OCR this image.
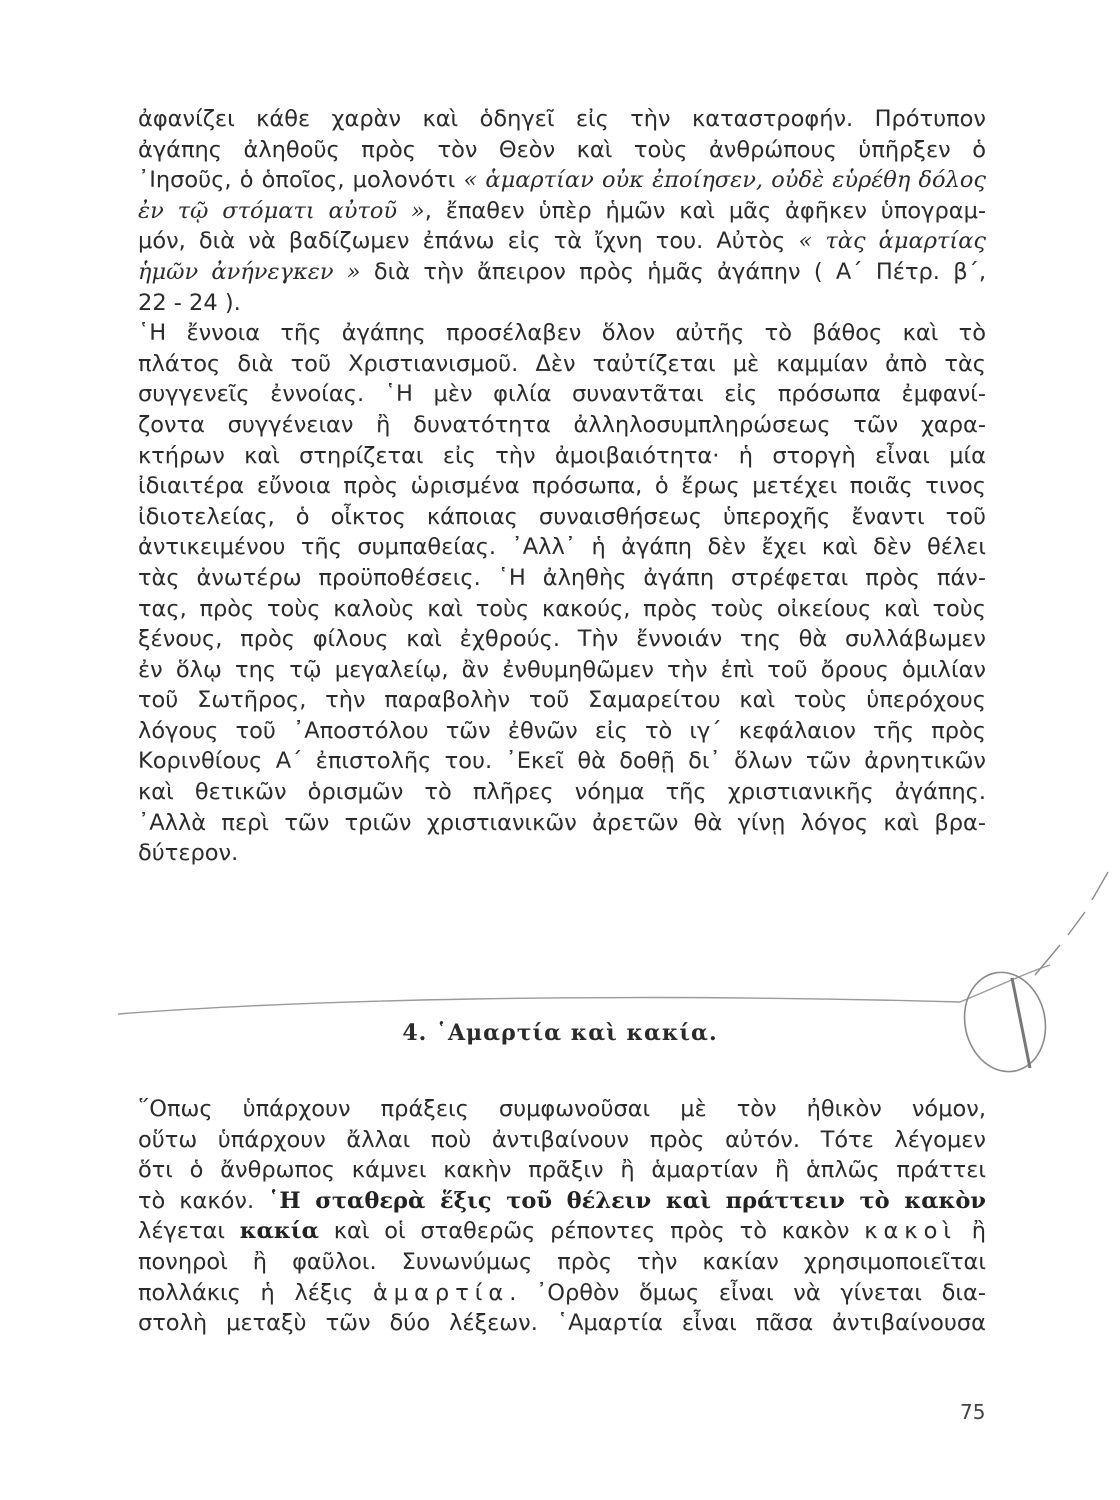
ἀφανίζει κάθε χαρὰν καὶ ὁδηγεῖ εἰς τὴν καταστροφήν. Πρότυπον
ἀγάπης ἀληθοῦς πρὸς τὸν Θεὸν καὶ τοὺς ἀνθρώπους ὑπῆρξεν ὁ
᾿Ιησοῦς, ὁ ὁποῖος, μολονότι « ἁμαρτίαν οὐκ ἐποίησεν, οὐδὲ εὑρέθη δόλος
ἐν τῷ στόματι αὐτοῦ », ἔπαθεν ὑπὲρ ἡμῶν καὶ μᾶς ἀφῆκεν ὑπογραμ-
μόν, διὰ νὰ βαδίζωμεν ἐπάνω εἰς τὰ ἴχνη του. Αὐτὸς « τὰς ἁμαρτίας
ἡμῶν ἀνήνεγκεν » διὰ τὴν ἄπειρον πρὸς ἡμᾶς ἀγάπην ( Α΄ Πέτρ. β΄,
22 - 24 ).
῾Η ἔννοια τῆς ἀγάπης προσέλαβεν ὅλον αὐτῆς τὸ βάθος καὶ τὸ
πλάτος διὰ τοῦ Χριστιανισμοῦ. Δὲν ταὐτίζεται μὲ καμμίαν ἀπὸ τὰς
συγγενεῖς ἐννοίας. ῾Η μὲν φιλία συναντᾶται εἰς πρόσωπα ἐμφανί-
ζοντα συγγένειαν ἢ δυνατότητα ἀλληλοσυμπληρώσεως τῶν χαρα-
κτήρων καὶ στηρίζεται εἰς τὴν ἀμοιβαιότητα· ἡ στοργὴ εἶναι μία
ἰδιαιτέρα εὔνοια πρὸς ὡρισμένα πρόσωπα, ὁ ἔρως μετέχει ποιᾶς τινος
ἰδιοτελείας, ὁ οἶκτος κάποιας συναισθήσεως ὑπεροχῆς ἔναντι τοῦ
ἀντικειμένου τῆς συμπαθείας. ᾿Αλλ᾿ ἡ ἀγάπη δὲν ἔχει καὶ δὲν θέλει
τὰς ἀνωτέρω προϋποθέσεις. ῾Η ἀληθὴς ἀγάπη στρέφεται πρὸς πάν-
τας, πρὸς τοὺς καλοὺς καὶ τοὺς κακούς, πρὸς τοὺς οἰκείους καὶ τοὺς
ξένους, πρὸς φίλους καὶ ἐχθρούς. Τὴν ἔννοιάν της θὰ συλλάβωμεν
ἐν ὅλῳ της τῷ μεγαλείῳ, ἂν ἐνθυμηθῶμεν τὴν ἐπὶ τοῦ ὄρους ὁμιλίαν
τοῦ Σωτῆρος, τὴν παραβολὴν τοῦ Σαμαρείτου καὶ τοὺς ὑπερόχους
λόγους τοῦ ᾿Αποστόλου τῶν ἐθνῶν εἰς τὸ ιγ΄ κεφάλαιον τῆς πρὸς
Κορινθίους Α΄ ἐπιστολῆς του. ᾿Εκεῖ θὰ δοθῇ δι᾿ ὅλων τῶν ἀρνητικῶν
καὶ θετικῶν ὁρισμῶν τὸ πλῆρες νόημα τῆς χριστιανικῆς ἀγάπης.
᾿Αλλὰ περὶ τῶν τριῶν χριστιανικῶν ἀρετῶν θὰ γίνῃ λόγος καὶ βρα-
δύτερον.
4. ῾Αμαρτία καὶ κακία.
῞Οπως ὑπάρχουν πράξεις συμφωνοῦσαι μὲ τὸν ἠθικὸν νόμον,
οὕτω ὑπάρχουν ἄλλαι ποὺ ἀντιβαίνουν πρὸς αὐτόν. Τότε λέγομεν
ὅτι ὁ ἄνθρωπος κάμνει κακὴν πρᾶξιν ἢ ἁμαρτίαν ἢ ἁπλῶς πράττει
τὸ κακόν. ῾Η σταθερὰ ἕξις τοῦ θέλειν καὶ πράττειν τὸ κακὸν
λέγεται κακία καὶ οἱ σταθερῶς ρέποντες πρὸς τὸ κακὸν κακοὶ ἢ
πονηροὶ ἢ φαῦλοι. Συνωνύμως πρὸς τὴν κακίαν χρησιμοποιεῖται
πολλάκις ἡ λέξις ἁμαρτία. ᾿Ορθὸν ὅμως εἶναι νὰ γίνεται δια-
στολὴ μεταξὺ τῶν δύο λέξεων. ῾Αμαρτία εἶναι πᾶσα ἀντιβαίνουσα
75
